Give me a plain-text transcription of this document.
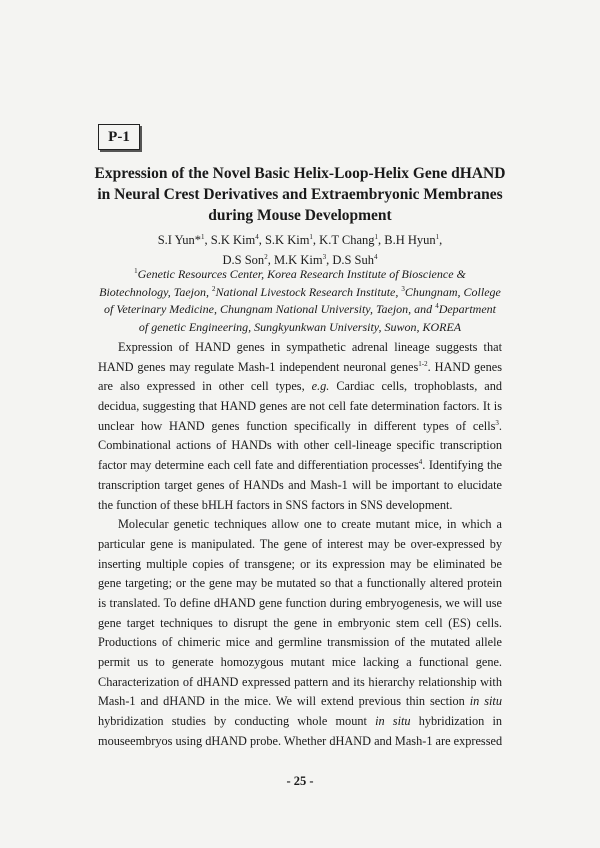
P-1
Expression of the Novel Basic Helix-Loop-Helix Gene dHAND
in Neural Crest Derivatives and Extraembryonic Membranes
during Mouse Development
S.I Yun*$^1$, S.K Kim$^4$, S.K Kim$^1$, K.T Chang$^1$, B.H Hyun$^1$,
D.S Son$^2$, M.K Kim$^3$, D.S Suh$^4$
$^1$Genetic Resources Center, Korea Research Institute of Bioscience &
Biotechnology, Taejon, $^2$National Livestock Research Institute, $^3$Chungnam, College
of Veterinary Medicine, Chungnam National University, Taejon, and $^4$Department
of genetic Engineering, Sungkyunkwan University, Suwon, KOREA
Expression of HAND genes in sympathetic adrenal lineage suggests that
HAND genes may regulate Mash-1 independent neuronal genes$^{1-2}$. HAND genes
are also expressed in other cell types, e.g. Cardiac cells, trophoblasts, and
decidua, suggesting that HAND genes are not cell fate determination factors. It is
unclear how HAND genes function specifically in different types of cells$^3$.
Combinational actions of HANDs with other cell-lineage specific transcription
factor may determine each cell fate and differentiation processes$^4$. Identifying the
transcription target genes of HANDs and Mash-1 will be important to elucidate
the function of these bHLH factors in SNS factors in SNS development.
Molecular genetic techniques allow one to create mutant mice, in which a
particular gene is manipulated. The gene of interest may be over-expressed by
inserting multiple copies of transgene; or its expression may be eliminated be
gene targeting; or the gene may be mutated so that a functionally altered protein
is translated. To define dHAND gene function during embryogenesis, we will use
gene target techniques to disrupt the gene in embryonic stem cell (ES) cells.
Productions of chimeric mice and germline transmission of the mutated allele
permit us to generate homozygous mutant mice lacking a functional gene.
Characterization of dHAND expressed pattern and its hierarchy relationship with
Mash-1 and dHAND in the mice. We will extend previous thin section in situ
hybridization studies by conducting whole mount in situ hybridization in
mouseembryos using dHAND probe. Whether dHAND and Mash-1 are expressed
- 25 -
